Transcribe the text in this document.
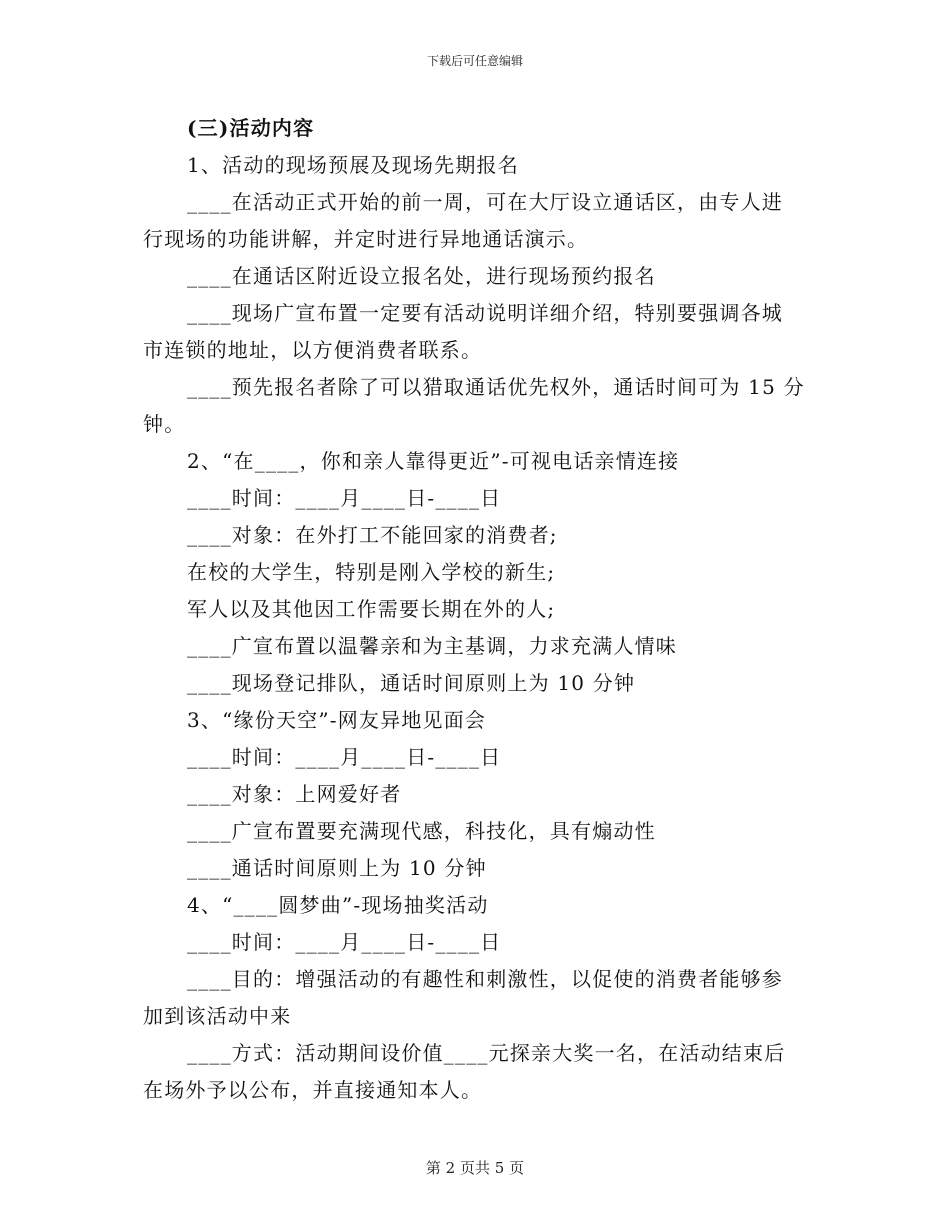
下载后可任意编辑
(三)活动内容
1、活动的现场预展及现场先期报名
____在活动正式开始的前一周，可在大厅设立通话区，由专人进
行现场的功能讲解，并定时进行异地通话演示。
____在通话区附近设立报名处，进行现场预约报名
____现场广宣布置一定要有活动说明详细介绍，特别要强调各城
市连锁的地址，以方便消费者联系。
____预先报名者除了可以猎取通话优先权外，通话时间可为 15 分
钟。
2、“在____，你和亲人靠得更近”-可视电话亲情连接
____时间：____月____日-____日
____对象：在外打工不能回家的消费者;
在校的大学生，特别是刚入学校的新生;
军人以及其他因工作需要长期在外的人;
____广宣布置以温馨亲和为主基调，力求充满人情味
____现场登记排队，通话时间原则上为 10 分钟
3、“缘份天空”-网友异地见面会
____时间：____月____日-____日
____对象：上网爱好者
____广宣布置要充满现代感，科技化，具有煽动性
____通话时间原则上为 10 分钟
4、“____圆梦曲”-现场抽奖活动
____时间：____月____日-____日
____目的：增强活动的有趣性和刺激性，以促使的消费者能够参
加到该活动中来
____方式：活动期间设价值____元探亲大奖一名，在活动结束后
在场外予以公布，并直接通知本人。
第 2 页共 5 页
